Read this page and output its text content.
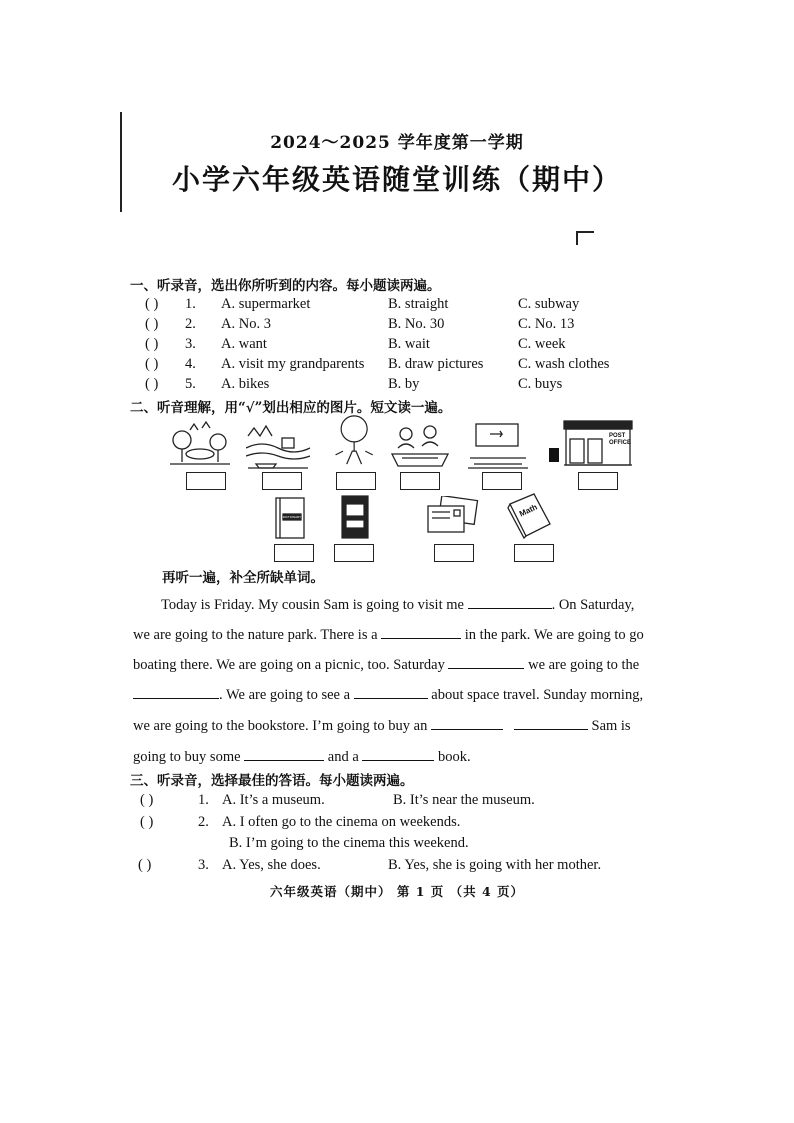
2024～2025 学年度第一学期
小学六年级英语随堂训练（期中）
一、听录音，选出你所听到的内容。每小题读两遍。
( ) 1. A. supermarket	B. straight	C. subway
( ) 2. A. No. 3	B. No. 30	C. No. 13
( ) 3. A. want	B. wait	C. week
( ) 4. A. visit my grandparents B. draw pictures C. wash clothes
( ) 5. A. bikes	B. by	C. buys
二、听音理解，用“√”划出相应的图片。短文读一遍。
POST
OFFICE
DICTIONARY	Math
再听一遍，补全所缺单词。
Today is Friday. My cousin Sam is going to visit me	. On Saturday,
we are going to the nature park. There is a	in the park. We are going to go
boating there. We are going on a picnic, too. Saturday	we are going to the
. We are going to see a	about space travel. Sunday morning,
we are going to the bookstore. I’m going to buy an	Sam is
going to buy some	and a	book.
三、听录音，选择最佳的答语。每小题读两遍。
( )	1. A. It’s a museum.	B. It’s near the museum.
( )	2. A. I often go to the cinema on weekends.
B. I’m going to the cinema this weekend.
( )	3. A. Yes, she does.	B. Yes, she is going with her mother.
六年级英语（期中） 第 1 页 （共 4 页）
